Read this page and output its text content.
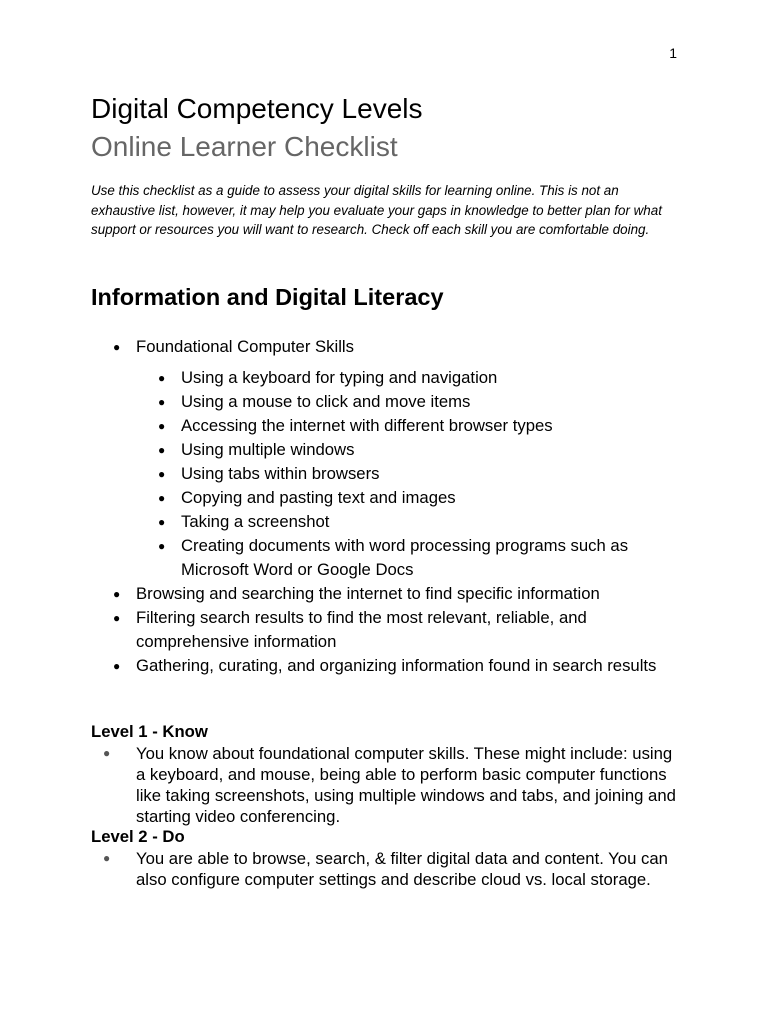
1
Digital Competency Levels
Online Learner Checklist
Use this checklist as a guide to assess your digital skills for learning online. This is not an exhaustive list, however, it may help you evaluate your gaps in knowledge to better plan for what support or resources you will want to research. Check off each skill you are comfortable doing.
Information and Digital Literacy
● Foundational Computer Skills
● Using a keyboard for typing and navigation
● Using a mouse to click and move items
● Accessing the internet with different browser types
● Using multiple windows
● Using tabs within browsers
● Copying and pasting text and images
● Taking a screenshot
● Creating documents with word processing programs such as Microsoft Word or Google Docs
● Browsing and searching the internet to find specific information
● Filtering search results to find the most relevant, reliable, and comprehensive information
● Gathering, curating, and organizing information found in search results
Level 1 - Know
● You know about foundational computer skills. These might include: using a keyboard, and mouse, being able to perform basic computer functions like taking screenshots, using multiple windows and tabs, and joining and starting video conferencing.
Level 2 - Do
● You are able to browse, search, & filter digital data and content. You can also configure computer settings and describe cloud vs. local storage.
